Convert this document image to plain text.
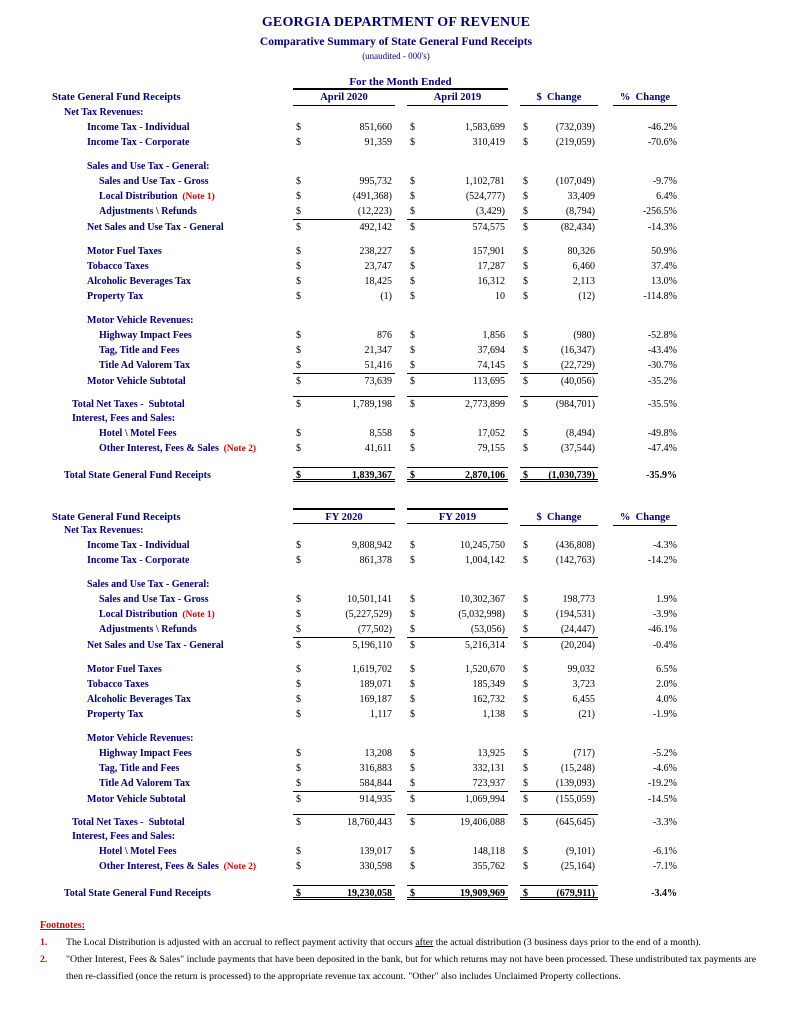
GEORGIA DEPARTMENT OF REVENUE
Comparative Summary of State General Fund Receipts
(unaudited - 000's)
For the Month Ended
State General Fund Receipts	April 2020	April 2019	$  Change	%  Change
Net Tax Revenues:
Income Tax - Individual	$	851,660 $	1,583,699 $	(732,039)	-46.2%
Income Tax - Corporate	$	91,359 $	310,419 $	(219,059)	-70.6%
Sales and Use Tax - General:
Sales and Use Tax - Gross	$	995,732 $	1,102,781 $	(107,049)	-9.7%
Local Distribution  (Note 1)	$	(491,368) $	(524,777) $	33,409	6.4%
Adjustments \ Refunds	$	(12,223) $	(3,429) $	(8,794)	-256.5%
Net Sales and Use Tax - General	$	492,142 $	574,575 $	(82,434)	-14.3%
Motor Fuel Taxes	$	238,227 $	157,901 $	80,326	50.9%
Tobacco Taxes	$	23,747 $	17,287 $	6,460	37.4%
Alcoholic Beverages Tax	$	18,425 $	16,312 $	2,113	13.0%
Property Tax	$	(1) $	10 $	(12)	-114.8%
Motor Vehicle Revenues:
Highway Impact Fees	$	876 $	1,856 $	(980)	-52.8%
Tag, Title and Fees	$	21,347 $	37,694 $	(16,347)	-43.4%
Title Ad Valorem Tax	$	51,416 $	74,145 $	(22,729)	-30.7%
Motor Vehicle Subtotal	$	73,639 $	113,695 $	(40,056)	-35.2%
Total Net Taxes -  Subtotal	$	1,789,198 $	2,773,899 $	(984,701)	-35.5%
Interest, Fees and Sales:
Hotel \ Motel Fees	$	8,558 $	17,052 $	(8,494)	-49.8%
Other Interest, Fees & Sales  (Note 2)	$	41,611 $	79,155 $	(37,544)	-47.4%
Total State General Fund Receipts	$	1,839,367 $	2,870,106 $ (1,030,739)	-35.9%
State General Fund Receipts	FY 2020	FY 2019	$  Change	%  Change
Net Tax Revenues:
Income Tax - Individual	$	9,808,942 $	10,245,750 $	(436,808)	-4.3%
Income Tax - Corporate	$	861,378 $	1,004,142 $	(142,763)	-14.2%
Sales and Use Tax - General:
Sales and Use Tax - Gross	$	10,501,141 $	10,302,367 $	198,773	1.9%
Local Distribution  (Note 1)	$	(5,227,529) $	(5,032,998) $	(194,531)	-3.9%
Adjustments \ Refunds	$	(77,502) $	(53,056) $	(24,447)	-46.1%
Net Sales and Use Tax - General	$	5,196,110 $	5,216,314 $	(20,204)	-0.4%
Motor Fuel Taxes	$	1,619,702 $	1,520,670 $	99,032	6.5%
Tobacco Taxes	$	189,071 $	185,349 $	3,723	2.0%
Alcoholic Beverages Tax	$	169,187 $	162,732 $	6,455	4.0%
Property Tax	$	1,117 $	1,138 $	(21)	-1.9%
Motor Vehicle Revenues:
Highway Impact Fees	$	13,208 $	13,925 $	(717)	-5.2%
Tag, Title and Fees	$	316,883 $	332,131 $	(15,248)	-4.6%
Title Ad Valorem Tax	$	584,844 $	723,937 $	(139,093)	-19.2%
Motor Vehicle Subtotal	$	914,935 $	1,069,994 $	(155,059)	-14.5%
Total Net Taxes -  Subtotal	$	18,760,443 $	19,406,088 $	(645,645)	-3.3%
Interest, Fees and Sales:
Hotel \ Motel Fees	$	139,017 $	148,118 $	(9,101)	-6.1%
Other Interest, Fees & Sales  (Note 2)	$	330,598 $	355,762 $	(25,164)	-7.1%
Total State General Fund Receipts	$	19,230,058 $	19,909,969 $	(679,911)	-3.4%
Footnotes:
1.	The Local Distribution is adjusted with an accrual to reflect payment activity that occurs after the actual distribution (3 business days prior to the end of a month).
2.	"Other Interest, Fees & Sales" include payments that have been deposited in the bank, but for which returns may not have been processed. These undistributed tax payments are then re-classified (once the return is processed) to the appropriate revenue tax account. "Other" also includes Unclaimed Property collections.
